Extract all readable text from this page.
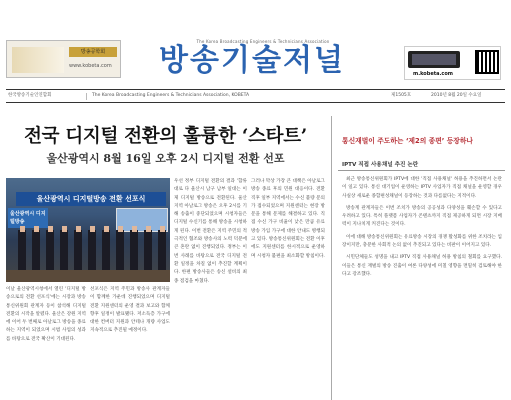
방송공학회
www.kobeta.com
The Korea Broadcasting Engineers & Technicians Association
방송기술저널	m.kobeta.com
한국방송기술인연합회	The Korea Broadcasting Engineers & Technicians Association, KOBETA	제1505호	2010년 8월 20일 수요일
전국 디지털 전환의 훌륭한 ‘스타트’
울산광역시 8월 16일 오후 2시 디지털 전환 선포
울산광역시 디지털방송 전환 선포식
울산광역시 디지털방송
이날 울산광역시청에서 열린 '디지털 방송으로의 전환 선포식'에는 시장과 방송통신위원회 관계자 등이 참석해 디지털 전환의 시작을 알렸다. 울산은 강원 지역에 이어 두 번째로 아날로그 방송을 종료하는 지역이 되었으며 시범 사업의 성과를 바탕으로 전국 확산이 기대된다.
선포식은 지역 주민과 방송사 관계자들이 함께한 가운데 진행되었으며 디지털 전환 지원센터의 운영 결과 보고와 함께 향후 일정이 발표됐다. 저소득층 가구에 대한 컨버터 지원과 안테나 개량 사업도 지속적으로 추진될 예정이다.
우선 정부 디지털 전환의 결과 '합류대로 다 울산시 남구 남부 일대는 이제 디지털 방송으로 전환된다. 울산지역 아날로그 방송은 오후 2시를 기해 송출이 중단되었으며 시청자들은 디지털 수신기를 통해 방송을 시청하게 된다. 이번 전환은 지역 주민의 적극적인 협조와 방송사의 노력 덕분에 큰 혼란 없이 진행되었다. 정부는 이번 사례를 바탕으로 전국 디지털 전환 일정을 차질 없이 추진할 계획이다. 한편 방송사들은 송신 설비의 최종 점검을 마쳤다.
그러나 막상 가장 큰 대책은 아날로그 방송 종료 후의 민원 대응이다. 전환 직후 일부 지역에서는 수신 불량 문의가 접수되었으며 지원센터는 현장 방문을 통해 문제를 해결하고 있다. 직접 수신 가구 비율이 낮은 만큼 유료방송 가입 가구에 대한 안내도 병행되고 있다. 방송통신위원회는 전환 이후에도 지원센터를 한시적으로 운영하며 시청자 불편을 최소화할 방침이다.
통신재벌이 주도하는 ‘제2의 종편’ 등장하나
IPTV 직접 사용채널 추진 논란

최근 방송통신위원회가 IPTV에 대한 '직접 사용채널' 허용을 추진하면서 논란이 일고 있다. 통신 대기업이 운영하는 IPTV 사업자가 직접 채널을 운영할 경우 사실상 새로운 종합편성채널이 등장하는 것과 다름없다는 지적이다.

방송계 관계자들은 이번 조치가 방송의 공공성과 다양성을 훼손할 수 있다고 우려하고 있다. 특히 플랫폼 사업자가 콘텐츠까지 직접 제공하게 되면 시장 지배력이 지나치게 커진다는 것이다.

이에 대해 방송통신위원회는 유료방송 시장의 경쟁 활성화를 위한 조치라는 입장이지만, 충분한 사회적 논의 없이 추진되고 있다는 비판이 이어지고 있다.

시민단체들도 성명을 내고 IPTV 직접 사용채널 허용 방침의 철회를 요구했다. 이들은 통신 재벌의 방송 진출이 여론 다양성에 미칠 영향을 면밀히 검토해야 한다고 강조했다.
